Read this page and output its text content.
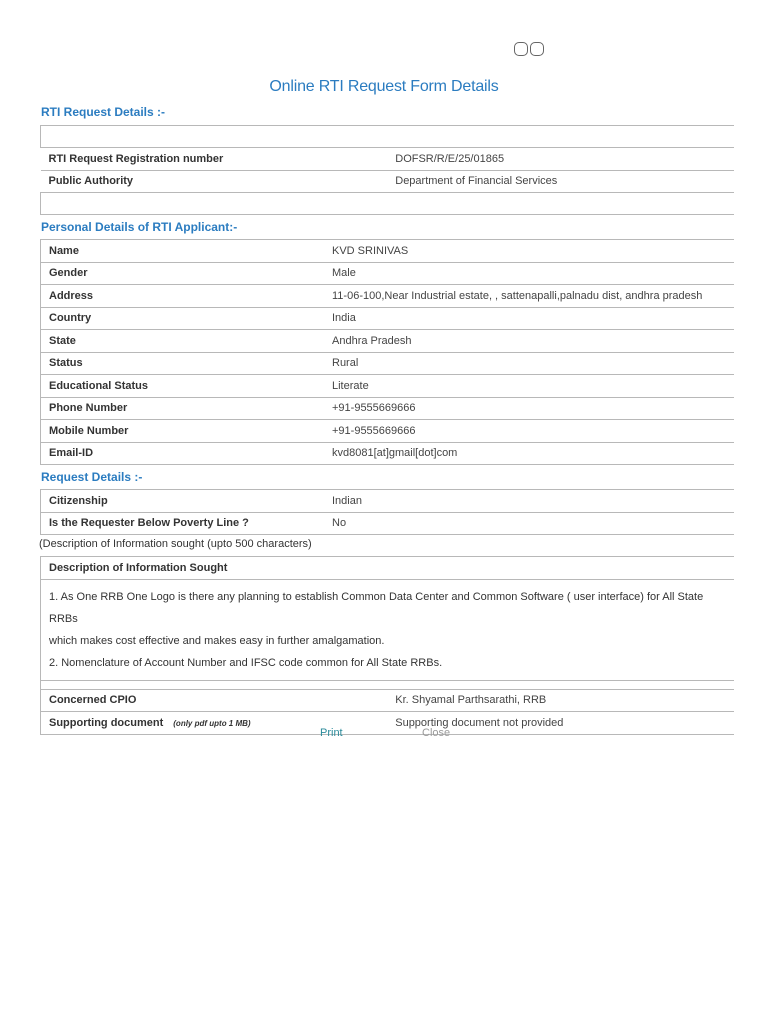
Online RTI Request Form Details
RTI Request Details :-

RTI Request Registration number	DOFSR/R/E/25/01865
Public Authority	Department of Financial Services

Personal Details of RTI Applicant:-
Name	KVD SRINIVAS
Gender	Male
Address	11-06-100,Near Industrial estate, , sattenapalli,palnadu dist, andhra pradesh
Country	India
State	Andhra Pradesh
Status	Rural
Educational Status	Literate
Phone Number	+91-9555669666
Mobile Number	+91-9555669666
Email-ID	kvd8081[at]gmail[dot]com
Request Details :-
Citizenship	Indian
Is the Requester Below Poverty Line ?	No
(Description of Information sought (upto 500 characters)
Description of Information Sought	

1. As One RRB One Logo is there any planning to establish Common Data Center and Common Software ( user interface) for All State RRBs
which makes cost effective and makes easy in further amalgamation.
2. Nomenclature of Account Number and IFSC code common for All State RRBs.	

Concerned CPIO	Kr. Shyamal Parthsarathi, RRB
Supporting document (only pdf upto 1 MB)	Supporting document not provided
Print	Close
